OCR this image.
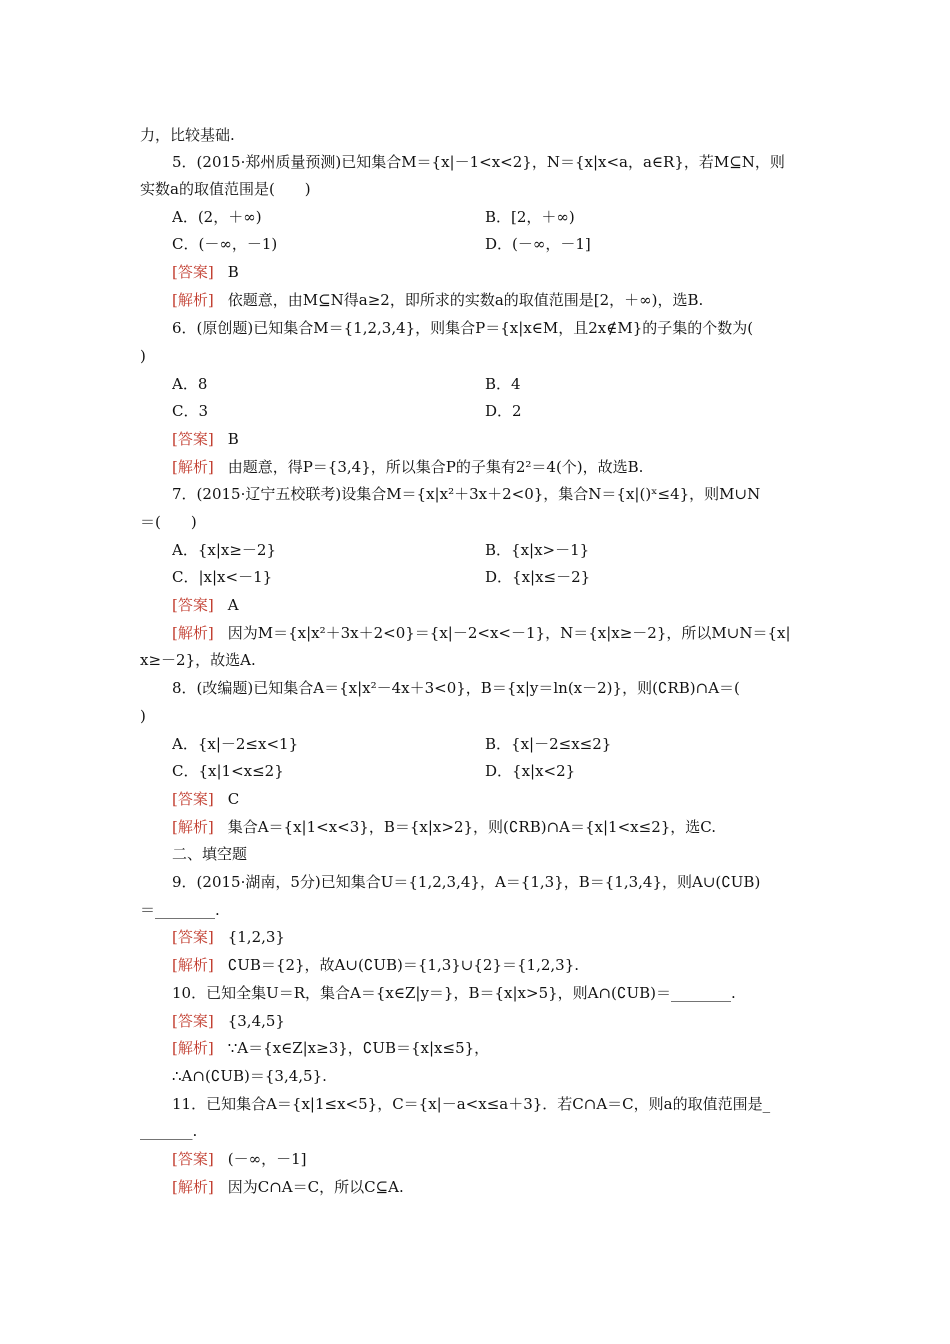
力，比较基础.
5．(2015·郑州质量预测)已知集合M＝{x|－1<x<2}，N＝{x|x<a，a∈R}，若M⊆N，则
实数a的取值范围是(　　)
A．(2，＋∞)	B．[2，＋∞)
C．(－∞，－1)	D．(－∞，－1]
[答案] B
[解析] 依题意，由M⊆N得a≥2，即所求的实数a的取值范围是[2，＋∞)，选B.
6．(原创题)已知集合M＝{1,2,3,4}，则集合P＝{x|x∈M，且2x∉M}的子集的个数为(
)
A．8	B．4
C．3	D．2
[答案] B
[解析] 由题意，得P＝{3,4}，所以集合P的子集有2²＝4(个)，故选B.
7．(2015·辽宁五校联考)设集合M＝{x|x²＋3x＋2<0}，集合N＝{x|()ˣ≤4}，则M∪N
＝(　　)
A．{x|x≥－2}	B．{x|x>－1}
C．|x|x<－1}	D．{x|x≤－2}
[答案] A
[解析] 因为M＝{x|x²＋3x＋2<0}＝{x|－2<x<－1}，N＝{x|x≥－2}，所以M∪N＝{x|
x≥－2}，故选A.
8．(改编题)已知集合A＝{x|x²－4x＋3<0}，B＝{x|y＝ln(x－2)}，则(∁RB)∩A＝(
)
A．{x|－2≤x<1}	B．{x|－2≤x≤2}
C．{x|1<x≤2}	D．{x|x<2}
[答案] C
[解析] 集合A＝{x|1<x<3}，B＝{x|x>2}，则(∁RB)∩A＝{x|1<x≤2}，选C.
二、填空题
9．(2015·湖南，5分)已知集合U＝{1,2,3,4}，A＝{1,3}，B＝{1,3,4}，则A∪(∁UB)
＝________.
[答案] {1,2,3}
[解析] ∁UB＝{2}，故A∪(∁UB)＝{1,3}∪{2}＝{1,2,3}.
10．已知全集U＝R，集合A＝{x∈Z|y＝}，B＝{x|x>5}，则A∩(∁UB)＝________.
[答案] {3,4,5}
[解析] ∵A＝{x∈Z|x≥3}，∁UB＝{x|x≤5}，
∴A∩(∁UB)＝{3,4,5}.
11．已知集合A＝{x|1≤x<5}，C＝{x|－a<x≤a＋3}．若C∩A＝C，则a的取值范围是_
_______.
[答案] (－∞，－1]
[解析] 因为C∩A＝C，所以C⊆A.
